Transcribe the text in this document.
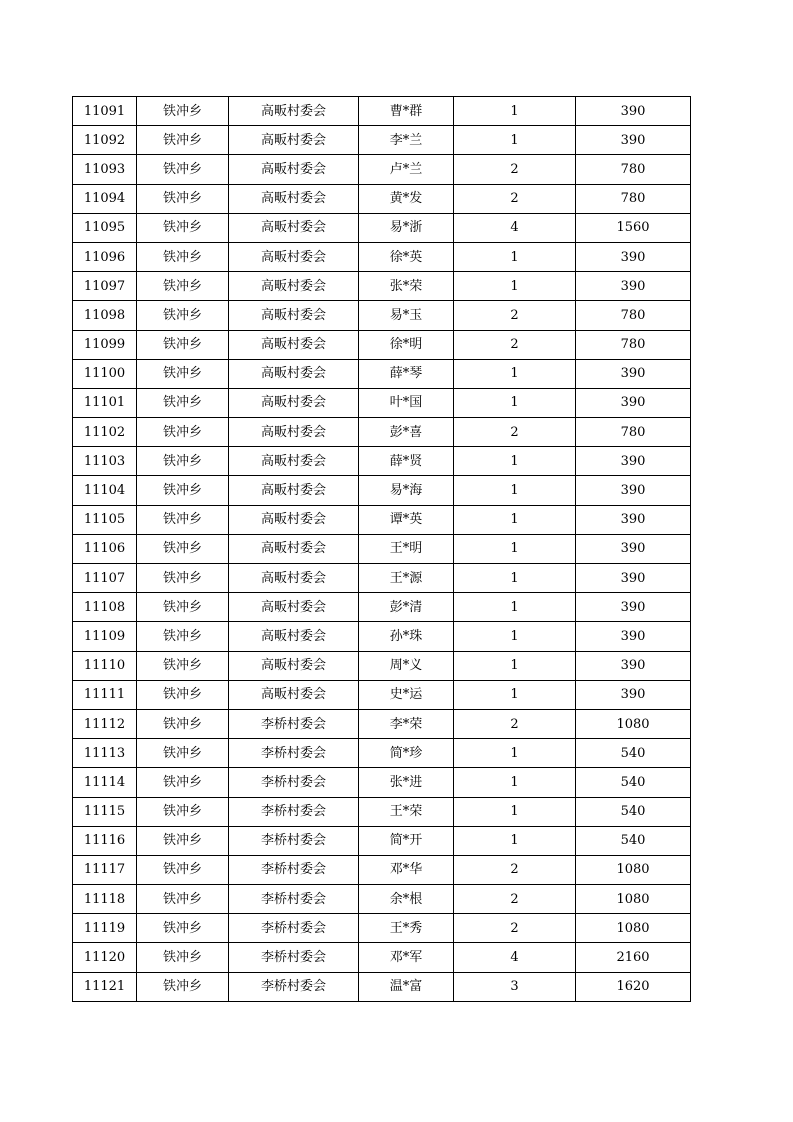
11091	铁冲乡	高畈村委会	曹*群	1	390
11092	铁冲乡	高畈村委会	李*兰	1	390
11093	铁冲乡	高畈村委会	卢*兰	2	780
11094	铁冲乡	高畈村委会	黄*发	2	780
11095	铁冲乡	高畈村委会	易*浙	4	1560
11096	铁冲乡	高畈村委会	徐*英	1	390
11097	铁冲乡	高畈村委会	张*荣	1	390
11098	铁冲乡	高畈村委会	易*玉	2	780
11099	铁冲乡	高畈村委会	徐*明	2	780
11100	铁冲乡	高畈村委会	薛*琴	1	390
11101	铁冲乡	高畈村委会	叶*国	1	390
11102	铁冲乡	高畈村委会	彭*喜	2	780
11103	铁冲乡	高畈村委会	薛*贤	1	390
11104	铁冲乡	高畈村委会	易*海	1	390
11105	铁冲乡	高畈村委会	谭*英	1	390
11106	铁冲乡	高畈村委会	王*明	1	390
11107	铁冲乡	高畈村委会	王*源	1	390
11108	铁冲乡	高畈村委会	彭*清	1	390
11109	铁冲乡	高畈村委会	孙*珠	1	390
11110	铁冲乡	高畈村委会	周*义	1	390
11111	铁冲乡	高畈村委会	史*运	1	390
11112	铁冲乡	李桥村委会	李*荣	2	1080
11113	铁冲乡	李桥村委会	简*珍	1	540
11114	铁冲乡	李桥村委会	张*进	1	540
11115	铁冲乡	李桥村委会	王*荣	1	540
11116	铁冲乡	李桥村委会	简*开	1	540
11117	铁冲乡	李桥村委会	邓*华	2	1080
11118	铁冲乡	李桥村委会	余*根	2	1080
11119	铁冲乡	李桥村委会	王*秀	2	1080
11120	铁冲乡	李桥村委会	邓*军	4	2160
11121	铁冲乡	李桥村委会	温*富	3	1620
